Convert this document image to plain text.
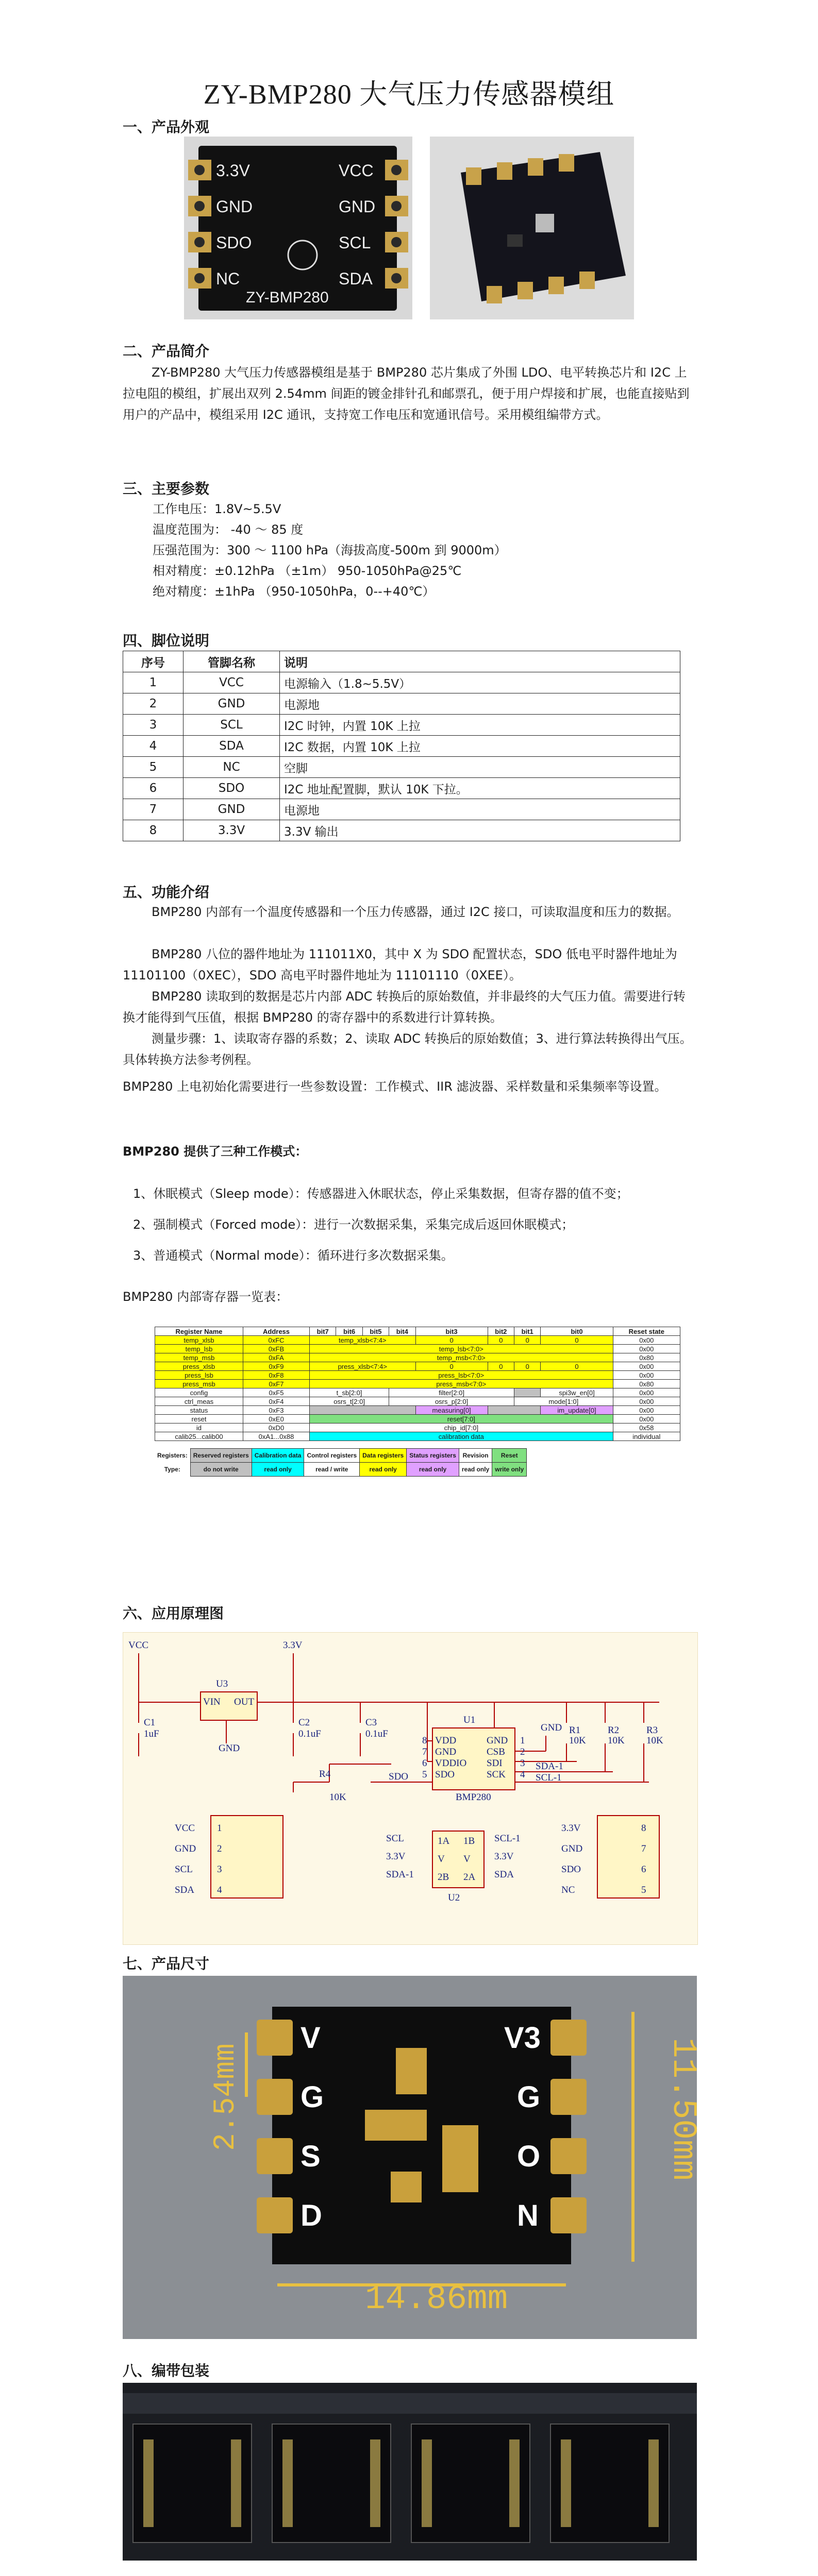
ZY-BMP280 大气压力传感器模组
一、产品外观
3.3V
GND
SDO
NC
VCC
GND
SCL
SDA
ZY-BMP280
二、产品简介
ZY-BMP280 大气压力传感器模组是基于 BMP280 芯片集成了外围 LDO、电平转换芯片和 I2C 上拉电阻的模组，扩展出双列 2.54mm 间距的镀金排针孔和邮票孔，便于用户焊接和扩展，也能直接贴到用户的产品中，模组采用 I2C 通讯，支持宽工作电压和宽通讯信号。采用模组编带方式。
三、主要参数
工作电压：1.8V~5.5V
温度范围为： -40 ～ 85 度
压强范围为：300 ～ 1100 hPa（海拔高度-500m 到 9000m）
相对精度：±0.12hPa （±1m） 950-1050hPa@25℃
绝对精度：±1hPa （950-1050hPa，0--+40℃）
四、脚位说明
序号	管脚名称	说明
1	VCC	电源输入（1.8~5.5V）
2	GND	电源地
3	SCL	I2C 时钟，内置 10K 上拉
4	SDA	I2C 数据，内置 10K 上拉
5	NC	空脚
6	SDO	I2C 地址配置脚，默认 10K 下拉。
7	GND	电源地
8	3.3V	3.3V 输出
五、功能介绍
BMP280 内部有一个温度传感器和一个压力传感器，通过 I2C 接口，可读取温度和压力的数据。
BMP280 八位的器件地址为 111011X0，其中 X 为 SDO 配置状态，SDO 低电平时器件地址为 11101100（0XEC），SDO 高电平时器件地址为 11101110（0XEE）。
BMP280 读取到的数据是芯片内部 ADC 转换后的原始数值，并非最终的大气压力值。需要进行转换才能得到气压值，根据 BMP280 的寄存器中的系数进行计算转换。
测量步骤：1、读取寄存器的系数；2、读取 ADC 转换后的原始数值；3、进行算法转换得出气压。具体转换方法参考例程。
BMP280 上电初始化需要进行一些参数设置：工作模式、IIR 滤波器、采样数量和采集频率等设置。
BMP280 提供了三种工作模式：
1、休眠模式（Sleep mode）：传感器进入休眠状态，停止采集数据，但寄存器的值不变；
2、强制模式（Forced mode）：进行一次数据采集，采集完成后返回休眠模式；
3、普通模式（Normal mode）：循环进行多次数据采集。
BMP280 内部寄存器一览表：
Register Name	Address	bit7	bit6	bit5	bit4	bit3	bit2	bit1	bit0	Reset state
temp_xlsb	0xFC	temp_xlsb<7:4>				0	0	0	0	0x00
temp_lsb	0xFB	temp_lsb<7:0>								0x00
temp_msb	0xFA	temp_msb<7:0>								0x80
press_xlsb	0xF9	press_xlsb<7:4>				0	0	0	0	0x00
press_lsb	0xF8	press_lsb<7:0>								0x00
press_msb	0xF7	press_msb<7:0>								0x80
config	0xF5	t_sb[2:0]			filter[2:0]				spi3w_en[0]	0x00
ctrl_meas	0xF4	osrs_t[2:0]			osrs_p[2:0]			mode[1:0]		0x00
status	0xF3					measuring[0]			im_update[0]	0x00
reset	0xE0	reset[7:0]								0x00
id	0xD0	chip_id[7:0]								0x58
calib25...calib00	0xA1...0x88	calibration data								individual
Registers:	Reserved registers	Calibration data	Control registers	Data registers	Status registers	Revision	Reset
Type:	do not write	read only	read / write	read only	read only	read only	write only
六、应用原理图
VCC	3.3V
U3
VIN OUT
GND
C1
1uF
C2
0.1uF
C3
0.1uF
U1
BMP280
VDD
GND
VDDIO
SDO
8
7
6
5
GND
CSB
SDI
SCK
1
2
3
4
R4
10K
SDO
GND R1
10K
R2
10K
R3
10K
SDA-1
SCL-1
VCC
GND
SCL
SDA
1
2
3
4
1A
V
2B
1B
V
2A
SCL
3.3V
SDA-1
SCL-1
3.3V
SDA
U2
3.3V
GND
SDO
NC
8
7
6
5
七、产品尺寸
V
G
S
D
V3
G
O
N
14.86mm
11.50mm
2.54mm
八、编带包装
